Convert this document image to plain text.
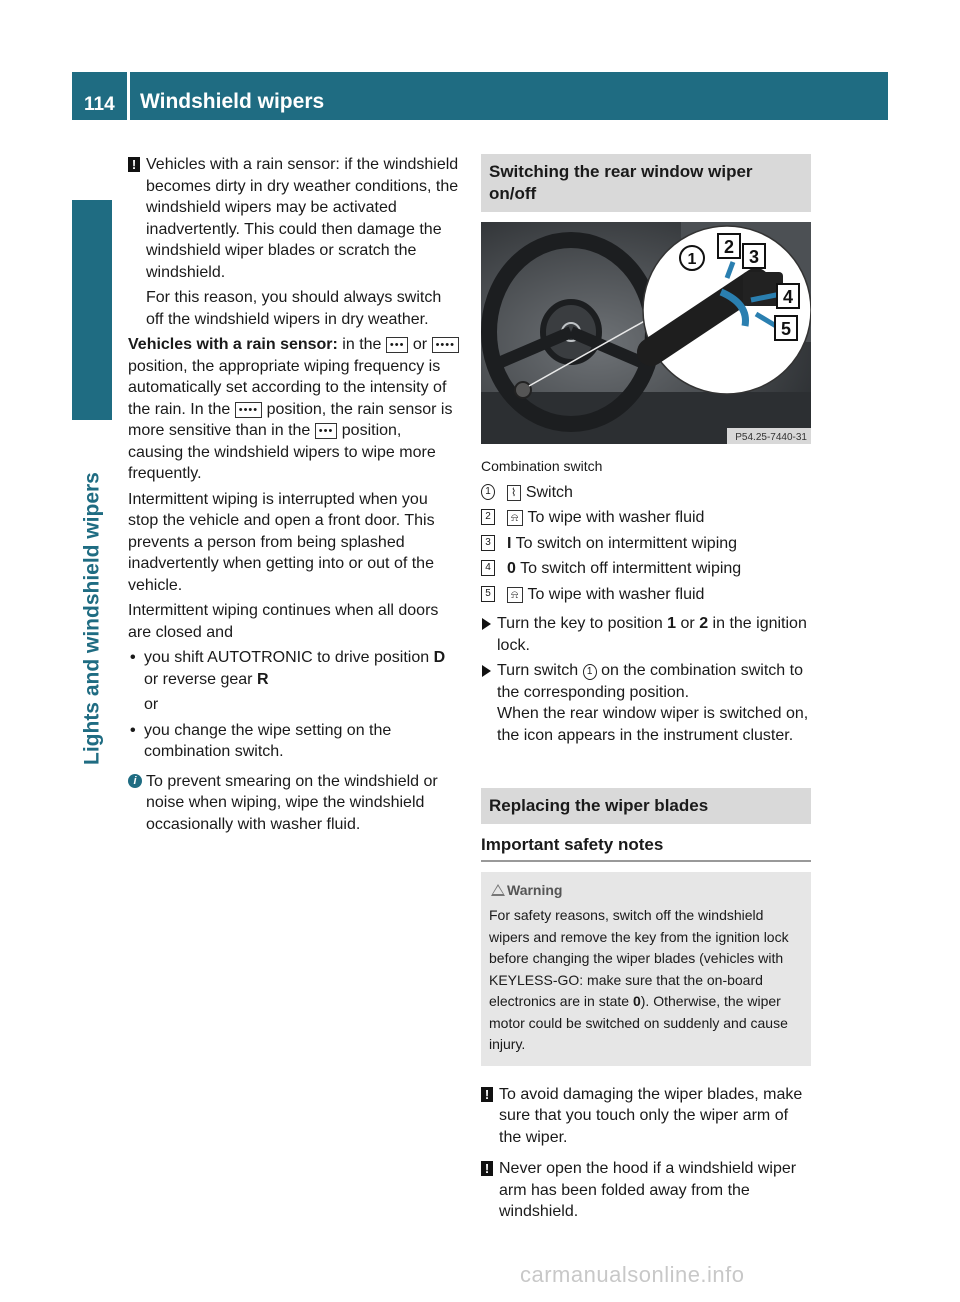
114 Windshield wipers
Lights and windshield wipers
! Vehicles with a rain sensor: if the windshield becomes dirty in dry weather conditions, the windshield wipers may be activated inadvertently. This could then damage the windshield wiper blades or scratch the windshield.

For this reason, you should always switch off the windshield wipers in dry weather.

Vehicles with a rain sensor: in the ••• or •••• position, the appropriate wiping frequency is automatically set according to the intensity of the rain. In the •••• position, the rain sensor is more sensitive than in the ••• position, causing the windshield wipers to wipe more frequently.

Intermittent wiping is interrupted when you stop the vehicle and open a front door. This prevents a person from being splashed inadvertently when getting into or out of the vehicle.

Intermittent wiping continues when all doors are closed and

• you shift AUTOTRONIC to drive position D or reverse gear R

or

• you change the wipe setting on the combination switch.
i To prevent smearing on the windshield or noise when wiping, wipe the windshield occasionally with washer fluid.
Switching the rear window wiper on/off
1
2 3
4
5
P54.25-7440-31

Combination switch

1	⌇ Switch
2	⍾ To wipe with washer fluid
3 I To switch on intermittent wiping
4 0 To switch off intermittent wiping
5	⍾ To wipe with washer fluid
Turn the key to position 1 or 2 in the ignition lock.
Turn switch 1 on the combination switch to the corresponding position.

When the rear window wiper is switched on, the icon appears in the instrument cluster.

Replacing the wiper blades
Important safety notes
Warning

For safety reasons, switch off the windshield wipers and remove the key from the ignition lock before changing the wiper blades (vehicles with KEYLESS-GO: make sure that the on-board electronics are in state 0). Otherwise, the wiper motor could be switched on suddenly and cause injury.

! To avoid damaging the wiper blades, make sure that you touch only the wiper arm of the wiper.
! Never open the hood if a windshield wiper arm has been folded away from the windshield.
carmanualsonline.info
